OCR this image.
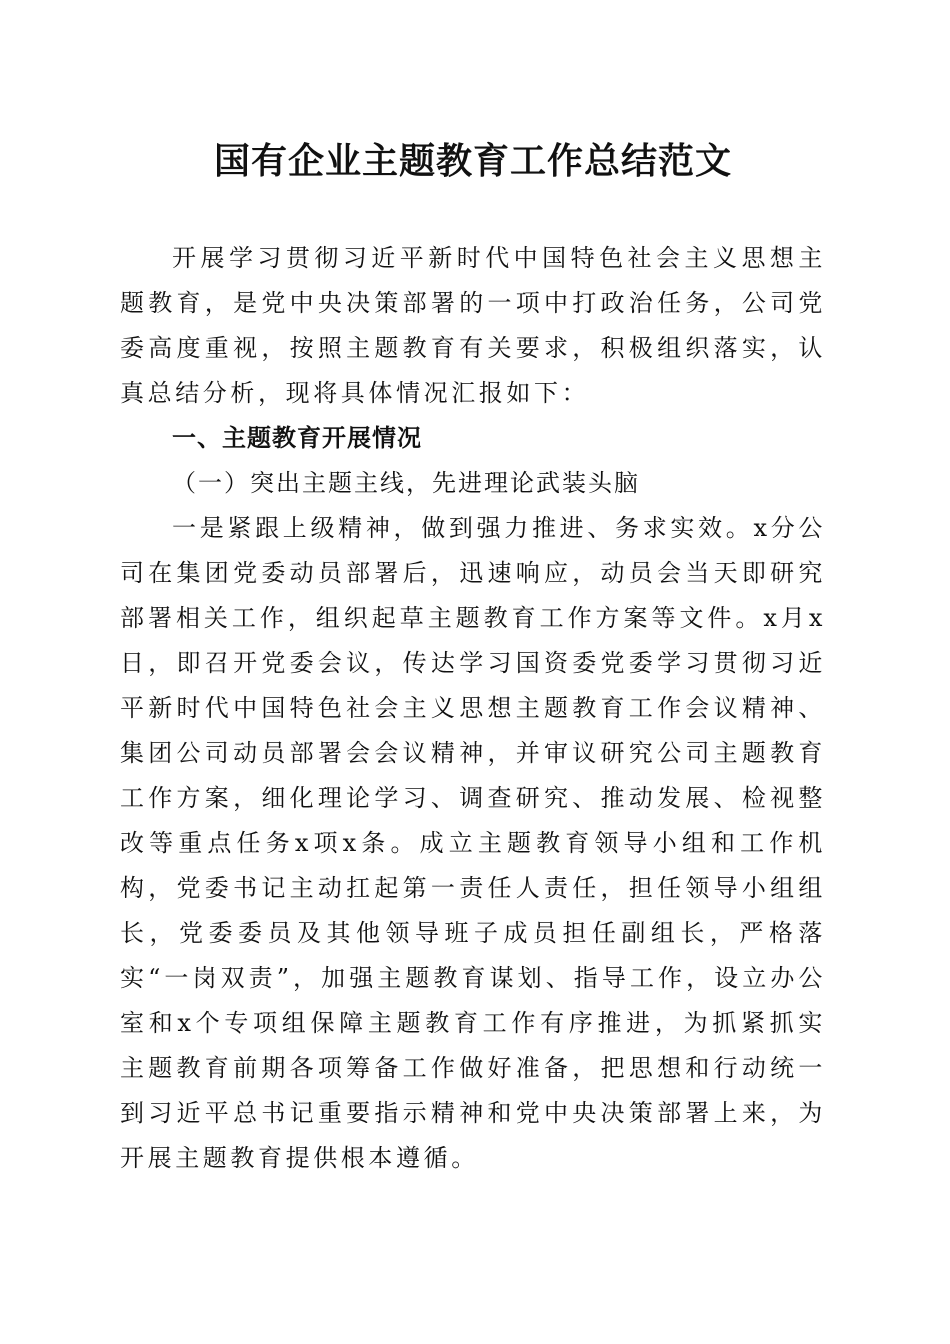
国有企业主题教育工作总结范文

开展学习贯彻习近平新时代中国特色社会主义思想主题教育，是党中央决策部署的一项中打政治任务，公司党委高度重视，按照主题教育有关要求，积极组织落实，认真总结分析，现将具体情况汇报如下：

一、主题教育开展情况

（一）突出主题主线，先进理论武装头脑

一是紧跟上级精神，做到强力推进、务求实效。x分公司在集团党委动员部署后，迅速响应，动员会当天即研究部署相关工作，组织起草主题教育工作方案等文件。x月x日，即召开党委会议，传达学习国资委党委学习贯彻习近平新时代中国特色社会主义思想主题教育工作会议精神、集团公司动员部署会会议精神，并审议研究公司主题教育工作方案，细化理论学习、调查研究、推动发展、检视整改等重点任务x项x条。成立主题教育领导小组和工作机构，党委书记主动扛起第一责任人责任，担任领导小组组长，党委委员及其他领导班子成员担任副组长，严格落实“一岗双责”，加强主题教育谋划、指导工作，设立办公室和x个专项组保障主题教育工作有序推进，为抓紧抓实主题教育前期各项筹备工作做好准备，把思想和行动统一到习近平总书记重要指示精神和党中央决策部署上来，为开展主题教育提供根本遵循。
